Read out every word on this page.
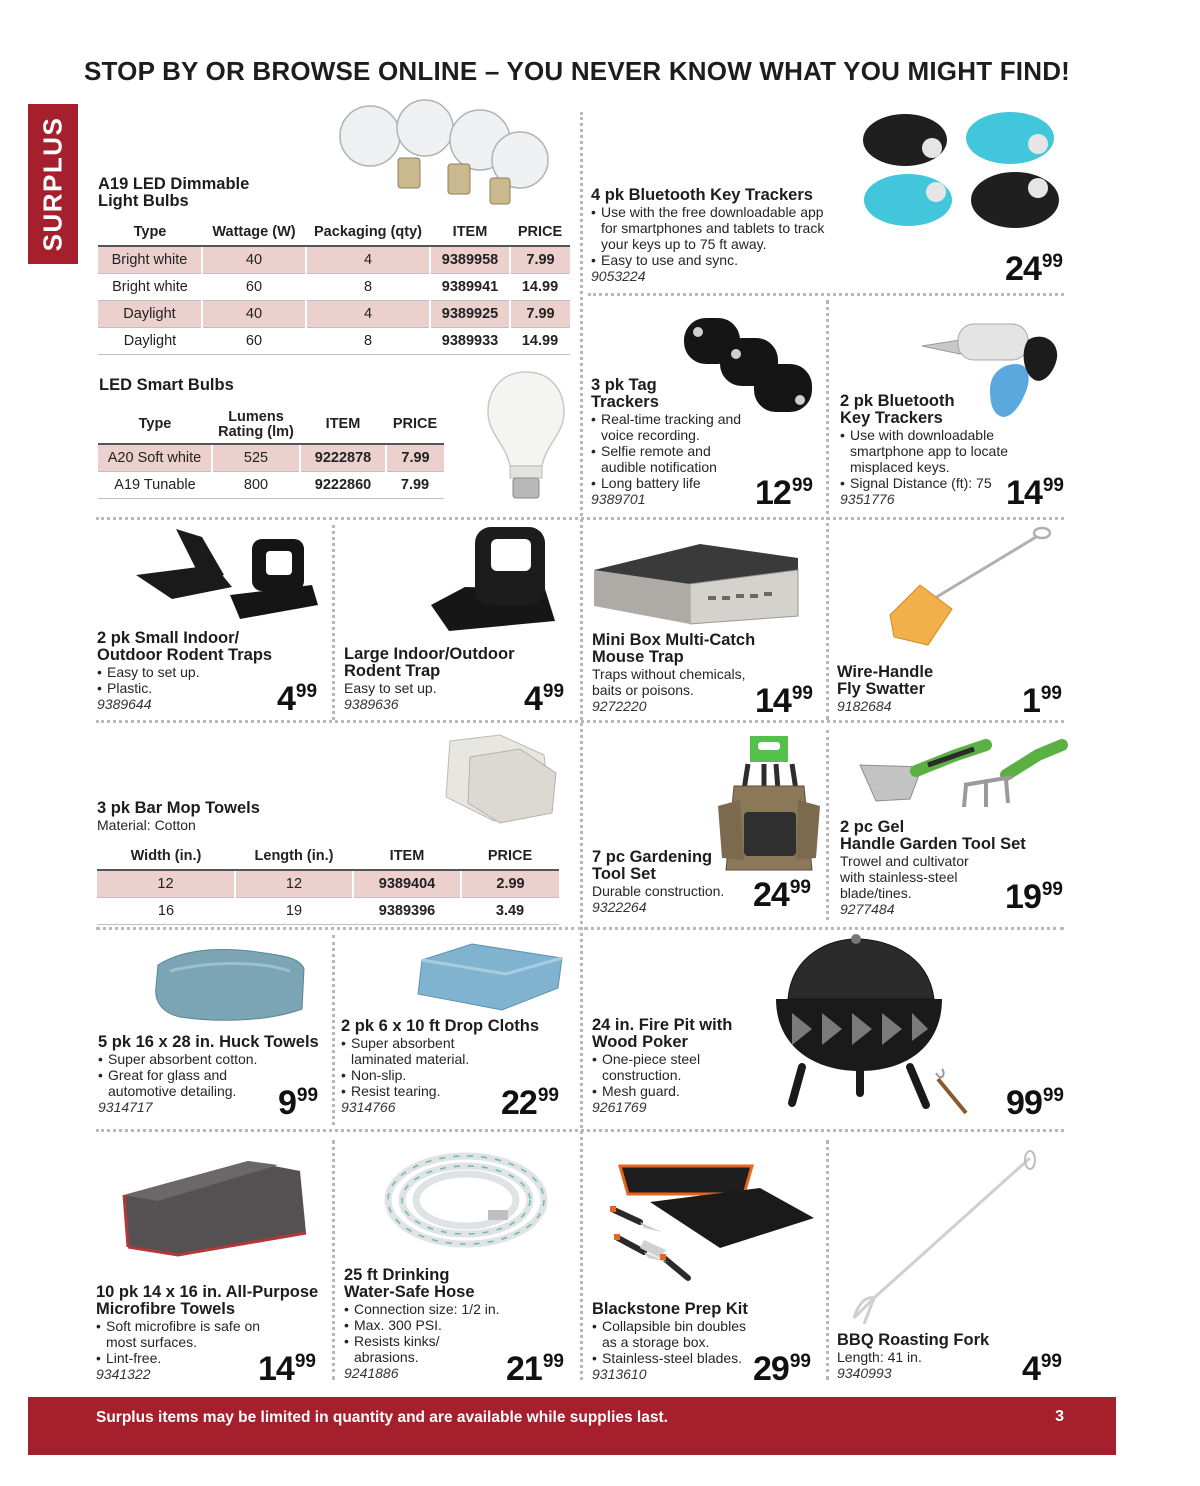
STOP BY OR BROWSE ONLINE – YOU NEVER KNOW WHAT YOU MIGHT FIND!
SURPLUS A19 LED Dimmable
Light Bulbs
Type	Wattage (W)	Packaging (qty)	ITEM	PRICE
Bright white	40	4	9389958	7.99
Bright white	60	8	9389941	14.99
Daylight	40	4	9389925	7.99
Daylight	60	8	9389933	14.99
LED Smart Bulbs
Type	Lumens Rating (lm)	ITEM	PRICE
A20 Soft white	525	9222878	7.99
A19 Tunable	800	9222860	7.99
4 pk Bluetooth Key Trackers
• Use with the free downloadable app for smartphones and tablets to track your keys up to 75 ft away.
• Easy to use and sync.
9053224	2499
3 pk Tag
Trackers
• Real-time tracking and voice recording.
• Selfie remote and audible notification
• Long battery life
9389701	1299
2 pk Bluetooth
Key Trackers
• Use with downloadable smartphone app to locate misplaced keys.
• Signal Distance (ft): 75
9351776	1499
2 pk Small Indoor/
Outdoor Rodent Traps
• Easy to set up.
• Plastic.
9389644	499
Large Indoor/Outdoor
Rodent Trap
Easy to set up.
9389636	499
Mini Box Multi-Catch
Mouse Trap
Traps without chemicals,
baits or poisons.
9272220	1499
Wire-Handle
Fly Swatter
9182684	199
3 pk Bar Mop Towels
Material: Cotton
Width (in.)	Length (in.)	ITEM	PRICE
12	12	9389404	2.99
16	19	9389396	3.49
7 pc Gardening
Tool Set
Durable construction.
9322264	2499
2 pc Gel
Handle Garden Tool Set
Trowel and cultivator
with stainless-steel
blade/tines.
9277484	1999
5 pk 16 x 28 in. Huck Towels
• Super absorbent cotton.
• Great for glass and automotive detailing.
9314717	999
2 pk 6 x 10 ft Drop Cloths
• Super absorbent laminated material.
• Non-slip.
• Resist tearing.
9314766	2299
24 in. Fire Pit with
Wood Poker
• One-piece steel construction.
• Mesh guard.
9261769	9999
10 pk 14 x 16 in. All-Purpose
Microfibre Towels
• Soft microfibre is safe on most surfaces.
• Lint-free.
9341322	1499
25 ft Drinking
Water-Safe Hose
• Connection size: 1/2 in.
• Max. 300 PSI.
• Resists kinks/ abrasions.
9241886	2199
Blackstone Prep Kit
• Collapsible bin doubles as a storage box.
• Stainless-steel blades.
9313610	2999
BBQ Roasting Fork
Length: 41 in.
9340993	499
Surplus items may be limited in quantity and are available while supplies last.	3
